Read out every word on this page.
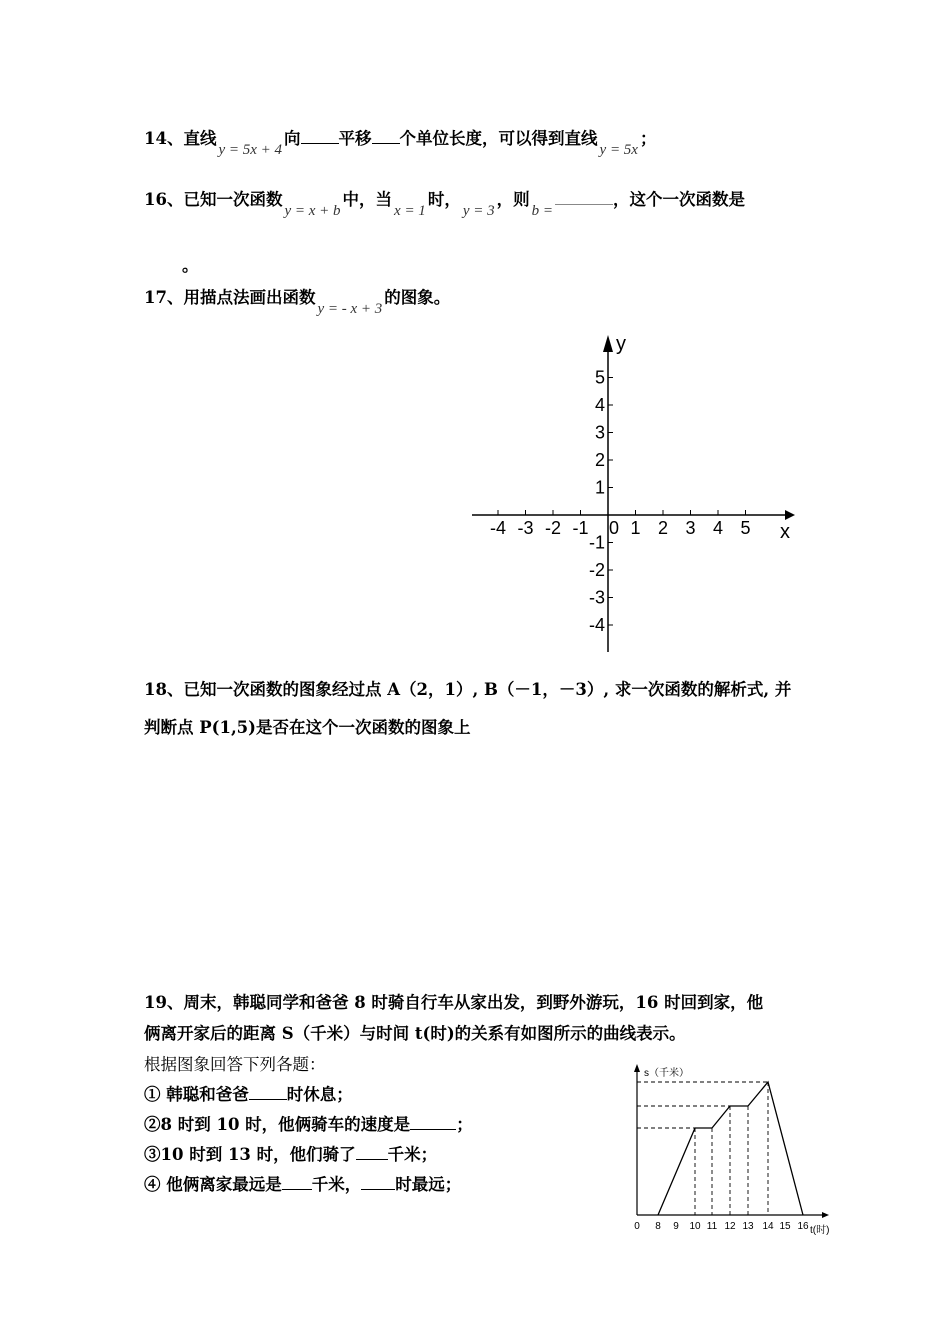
14、直线y = 5x + 4向 平移 个单位长度，可以得到直线y = 5x；
16、已知一次函数y = x + b中，当x = 1时，y = 3，则b =，这个一次函数是
。
17、用描点法画出函数y = - x + 3的图象。
y
x
-4 -3 -2 -1 0 1 2 3 4 5
5
4
3
2
1
-1
-2
-3
-4
18、已知一次函数的图象经过点 A（2，1）, B（－1，－3）, 求一次函数的解析式, 并
判断点 P(1,5)是否在这个一次函数的图象上
19、周末，韩聪同学和爸爸 8 时骑自行车从家出发，到野外游玩，16 时回到家，他
俩离开家后的距离 S（千米）与时间 t(时)的关系有如图所示的曲线表示。
根据图象回答下列各题：
① 韩聪和爸爸 时休息；
②8 时到 10 时，他俩骑车的速度是	；
③10 时到 13 时，他们骑了 千米；
④ 他俩离家最远是 千米， 时最远；
s（千米）
t(时)
0 8 9 10 11 12 13 14 15 16
